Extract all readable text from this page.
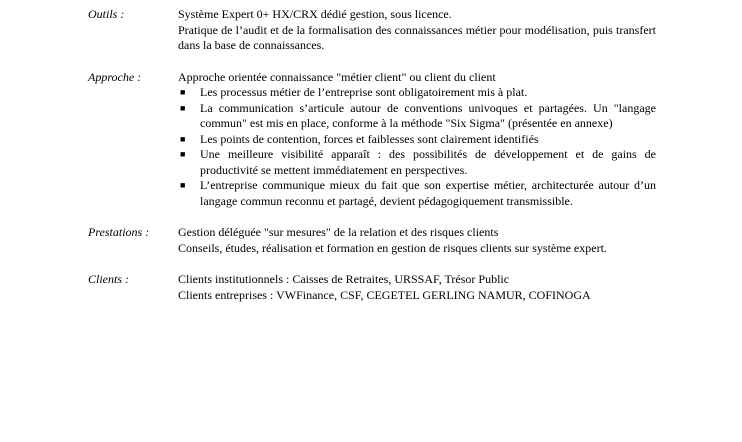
Outils :	Système Expert 0+ HX/CRX dédié gestion, sous licence.

Pratique de l’audit et de la formalisation des connaissances métier pour modélisation, puis transfert dans la base de connaissances.

Approche :	Approche orientée connaissance "métier client" ou client du client

■ Les processus métier de l’entreprise sont obligatoirement mis à plat.
■ La communication s’articule autour de conventions univoques et partagées. Un "langage commun" est mis en place, conforme à la méthode "Six Sigma" (présentée en annexe)
■ Les points de contention, forces et faiblesses sont clairement identifiés
■ Une meilleure visibilité apparaît : des possibilités de développement et de gains de productivité se mettent immédiatement en perspectives.
■ L’entreprise communique mieux du fait que son expertise métier, architecturée autour d’un langage commun reconnu et partagé, devient pédagogiquement transmissible.
Prestations : Gestion déléguée "sur mesures" de la relation et des risques clients

Conseils, études, réalisation et formation en gestion de risques clients sur système expert.

Clients :	Clients institutionnels : Caisses de Retraites, URSSAF, Trésor Public

Clients entreprises : VWFinance, CSF, CEGETEL GERLING NAMUR, COFINOGA
